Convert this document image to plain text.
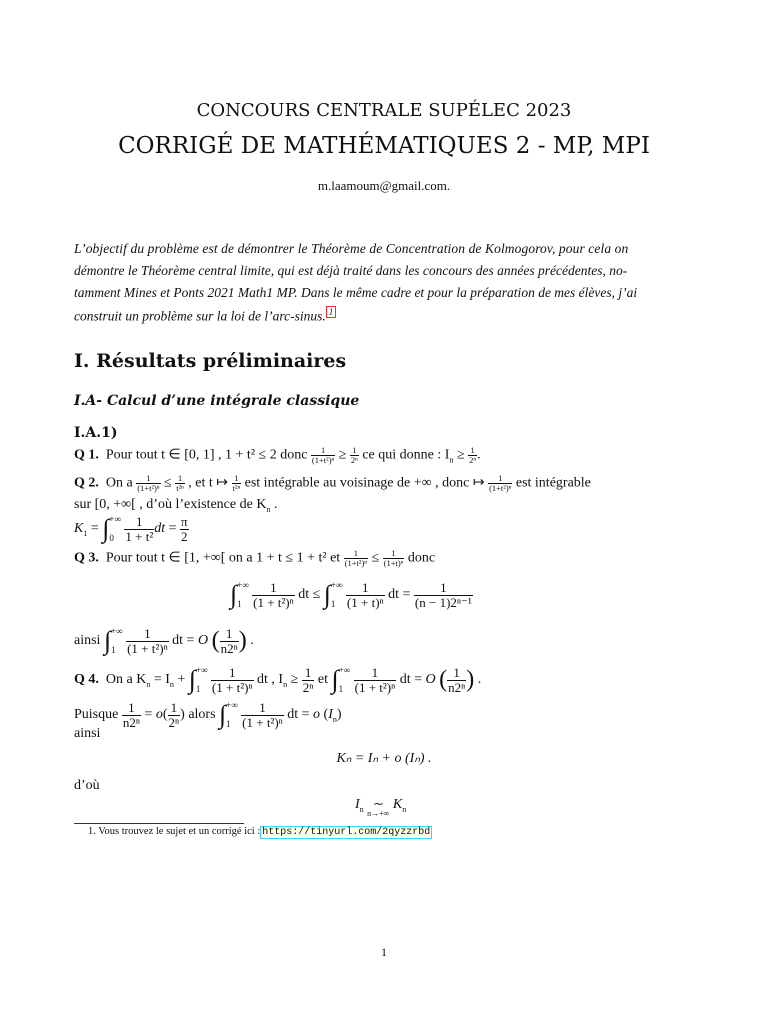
CONCOURS CENTRALE SUPÉLEC 2023
CORRIGÉ DE MATHÉMATIQUES 2 - MP, MPI
m.laamoum@gmail.com.
L’objectif du problème est de démontrer le Théorème de Concentration de Kolmogorov, pour cela on
démontre le Théorème central limite, qui est déjà traité dans les concours des années précédentes, no-
tamment Mines et Ponts 2021 Math1 MP. Dans le même cadre et pour la préparation de mes élèves, j’ai
construit un problème sur la loi de l’arc-sinus. $^1$
I. Résultats préliminaires
I.A- Calcul d’une intégrale classique
I.A.1)
Q 1. Pour tout t ∈ [0, 1] , 1 + t² ≤ 2 donc $\frac{1}{\text{(1+t²)ⁿ}} \ge \frac{1}{\text{2ⁿ}}$ ce qui donne : $I_n \ge \frac{1}{\text{2ⁿ}}$ .
Q 2. On a $\frac{1}{\text{(1+t²)ⁿ}} \le \frac{1}{\text{t²ⁿ}}$ , et t ↦ $\frac{1}{\text{t²ⁿ}}$ est intégrable au voisinage de +∞ , donc ↦ $\frac{1}{\text{(1+t²)ⁿ}}$ est intégrable
sur [0, +∞[ , d’où l’existence de $K_n$ .
$K_1$ = ∫ +∞
0
$\frac{1}{\text{1 + t²}}$ dt = $\frac{\pi}{2}$
Q 3. Pour tout t ∈ [1, +∞[ on a 1 + t ≤ 1 + t² et $\frac{1}{\text{(1+t²)ⁿ}} \le \frac{1}{\text{(1+t)ⁿ}}$ donc
∫ +∞
1
$\frac{1}{\text{(1 + t²)ⁿ}}$ dt ≤ ∫ +∞
1
$\frac{1}{\text{(1 + t)ⁿ}}$ dt = $\frac{1}{\text{(n − 1)2ⁿ⁻¹}}$
ainsi ∫ +∞
1
$\frac{1}{\text{(1 + t²)ⁿ}}$ dt = O ( $\frac{1}{\text{n2ⁿ}}$ ) .
Q 4. On a $K_n = I_n$ + ∫ +∞
1
$\frac{1}{\text{(1 + t²)ⁿ}}$ dt , $I_n \ge \frac{1}{\text{2ⁿ}}$ et ∫ +∞
1
$\frac{1}{\text{(1 + t²)ⁿ}}$ dt = O ( $\frac{1}{\text{n2ⁿ}}$ ) .
Puisque $\frac{1}{\text{n2ⁿ}} = o( \frac{1}{\text{2ⁿ}}$ ) alors ∫ +∞
1
$\frac{1}{\text{(1 + t²)ⁿ}}$ dt = o $(I_n)$
ainsi
Kₙ = Iₙ + o (Iₙ) .
d’où
$I_n$ ∼
n→+∞
$K_n$
1. Vous trouvez le sujet et un corrigé ici : https://tinyurl.com/2qyzzrbd
1
